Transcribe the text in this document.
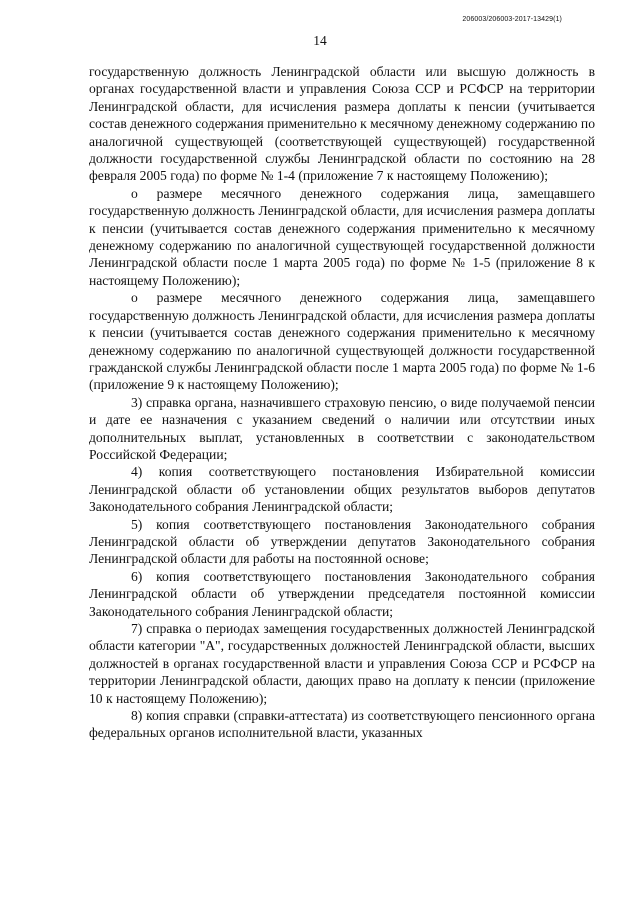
206003/206003-2017-13429(1)
14

государственную должность Ленинградской области или высшую должность в органах государственной власти и управления Союза ССР и РСФСР на территории Ленинградской области, для исчисления размера доплаты к пенсии (учитывается состав денежного содержания применительно к месячному денежному содержанию по аналогичной существующей (соответствующей существующей) государственной должности государственной службы Ленинградской области по состоянию на 28 февраля 2005 года) по форме № 1-4 (приложение 7 к настоящему Положению);

о размере месячного денежного содержания лица, замещавшего государственную должность Ленинградской области, для исчисления размера доплаты к пенсии (учитывается состав денежного содержания применительно к месячному денежному содержанию по аналогичной существующей государственной должности Ленинградской области после 1 марта 2005 года) по форме № 1-5 (приложение 8 к настоящему Положению);

о размере месячного денежного содержания лица, замещавшего государственную должность Ленинградской области, для исчисления размера доплаты к пенсии (учитывается состав денежного содержания применительно к месячному денежному содержанию по аналогичной существующей должности государственной гражданской службы Ленинградской области после 1 марта 2005 года) по форме № 1-6 (приложение 9 к настоящему Положению);

3) справка органа, назначившего страховую пенсию, о виде получаемой пенсии и дате ее назначения с указанием сведений о наличии или отсутствии иных дополнительных выплат, установленных в соответствии с законодательством Российской Федерации;

4) копия соответствующего постановления Избирательной комиссии Ленинградской области об установлении общих результатов выборов депутатов Законодательного собрания Ленинградской области;

5) копия соответствующего постановления Законодательного собрания Ленинградской области об утверждении депутатов Законодательного собрания Ленинградской области для работы на постоянной основе;

6) копия соответствующего постановления Законодательного собрания Ленинградской области об утверждении председателя постоянной комиссии Законодательного собрания Ленинградской области;

7) справка о периодах замещения государственных должностей Ленинградской области категории "А", государственных должностей Ленинградской области, высших должностей в органах государственной власти и управления Союза ССР и РСФСР на территории Ленинградской области, дающих право на доплату к пенсии (приложение 10 к настоящему Положению);

8) копия справки (справки-аттестата) из соответствующего пенсионного органа федеральных органов исполнительной власти, указанных
